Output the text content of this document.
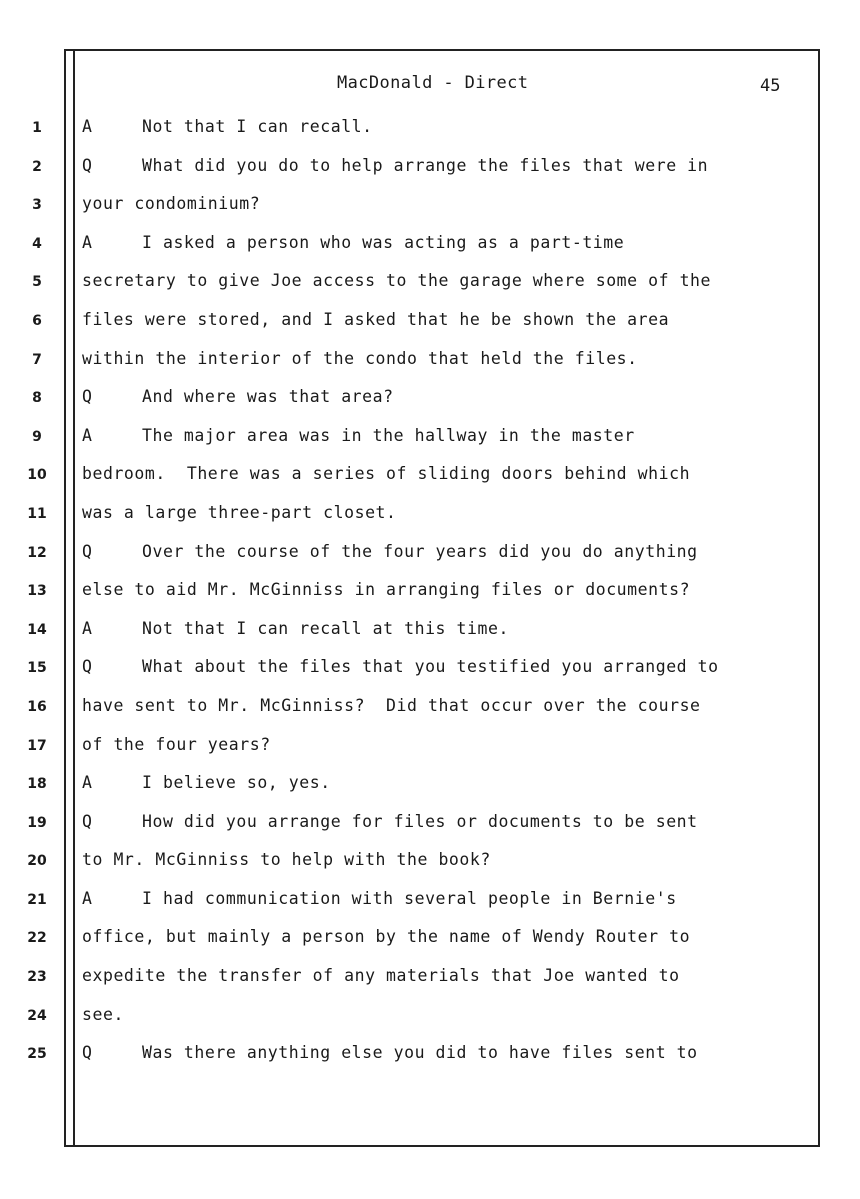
MacDonald - Direct	45
1	A	Not that I can recall.
2	Q	What did you do to help arrange the files that were in
3	your condominium?
4	A	I asked a person who was acting as a part-time
5	secretary to give Joe access to the garage where some of the
6	files were stored, and I asked that he be shown the area
7	within the interior of the condo that held the files.
8	Q	And where was that area?
9	A	The major area was in the hallway in the master
10	bedroom.  There was a series of sliding doors behind which
11	was a large three-part closet.
12	Q	Over the course of the four years did you do anything
13	else to aid Mr. McGinniss in arranging files or documents?
14	A	Not that I can recall at this time.
15	Q	What about the files that you testified you arranged to
16	have sent to Mr. McGinniss?  Did that occur over the course
17	of the four years?
18	A	I believe so, yes.
19	Q	How did you arrange for files or documents to be sent
20	to Mr. McGinniss to help with the book?
21	A	I had communication with several people in Bernie's
22	office, but mainly a person by the name of Wendy Router to
23	expedite the transfer of any materials that Joe wanted to
24	see.
25	Q	Was there anything else you did to have files sent to
